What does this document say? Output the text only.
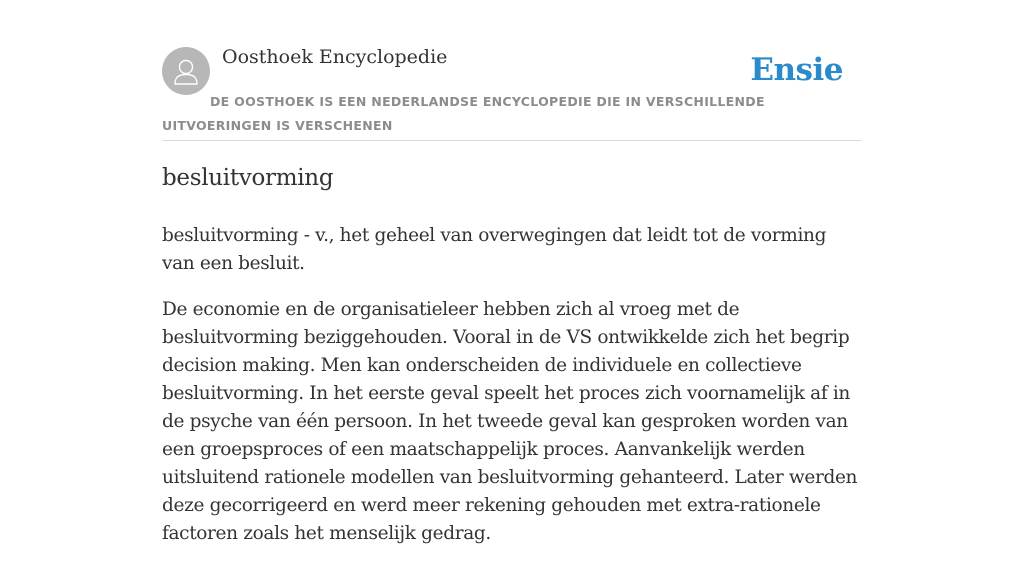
Oosthoek Encyclopedie	Ensie
DE OOSTHOEK IS EEN NEDERLANDSE ENCYCLOPEDIE DIE IN VERSCHILLENDE UITVOERINGEN IS VERSCHENEN
besluitvorming

besluitvorming - v., het geheel van overwegingen dat leidt tot de vorming van een besluit.

De economie en de organisatieleer hebben zich al vroeg met de besluitvorming beziggehouden. Vooral in de VS ontwikkelde zich het begrip decision making. Men kan onderscheiden de individuele en collectieve besluitvorming. In het eerste geval speelt het proces zich voornamelijk af in de psyche van één persoon. In het tweede geval kan gesproken worden van een groepsproces of een maatschappelijk proces. Aanvankelijk werden uitsluitend rationele modellen van besluitvorming gehanteerd. Later werden deze gecorrigeerd en werd meer rekening gehouden met extra-rationele factoren zoals het menselijk gedrag.
